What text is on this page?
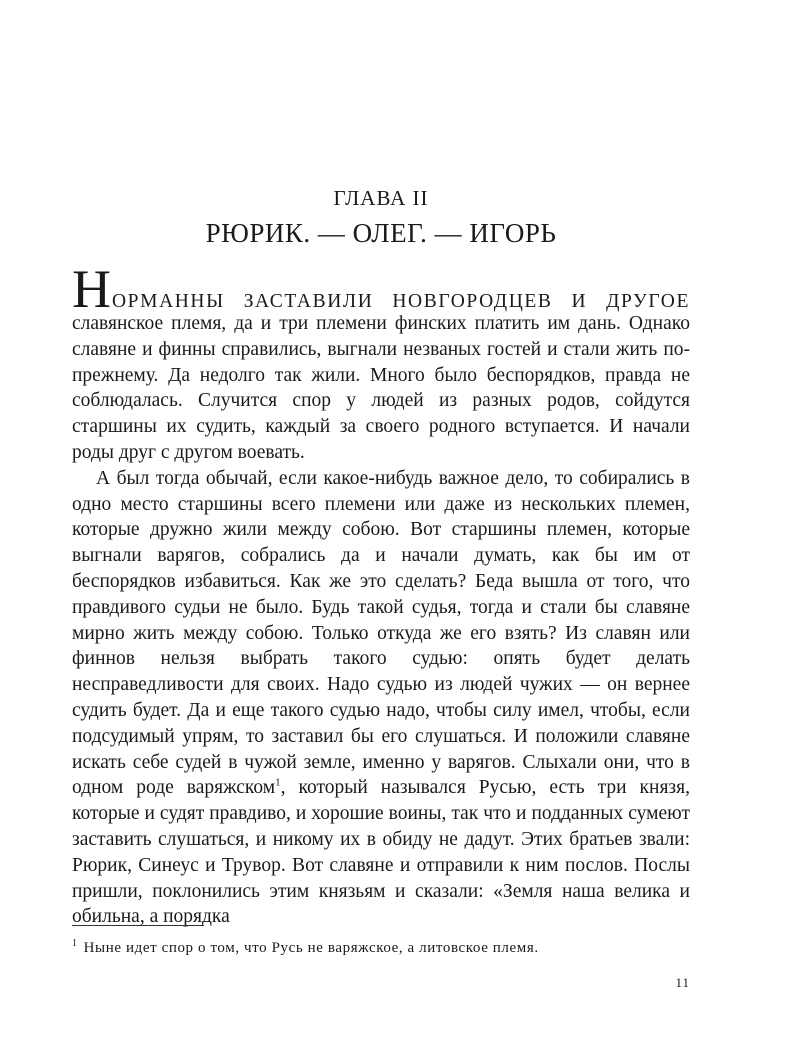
ГЛАВА II
РЮРИК. — ОЛЕГ. — ИГОРЬ

НОРМАННЫ ЗАСТАВИЛИ НОВГОРОДЦЕВ И ДРУГОЕ
славянское племя, да и три племени финских платить им дань. Однако славяне и финны справились, выгнали незваных гостей и стали жить по-прежнему. Да недолго так жили. Много было беспорядков, правда не соблюдалась. Случится спор у людей из разных родов, сойдутся старшины их судить, каждый за своего родного вступается. И начали роды друг с другом воевать.

А был тогда обычай, если какое-нибудь важное дело, то собирались в одно место старшины всего племени или даже из нескольких племен, которые дружно жили между собою. Вот старшины племен, которые выгнали варягов, собрались да и начали думать, как бы им от беспорядков избавиться. Как же это сделать? Беда вышла от того, что правдивого судьи не было. Будь такой судья, тогда и стали бы славяне мирно жить между собою. Только откуда же его взять? Из славян или финнов нельзя выбрать такого судью: опять будет делать несправедливости для своих. Надо судью из людей чужих — он вернее судить будет. Да и еще такого судью надо, чтобы силу имел, чтобы, если подсудимый упрям, то заставил бы его слушаться. И положили славяне искать себе судей в чужой земле, именно у варягов. Слыхали они, что в одном роде варяжском$^1$, который назывался Русью, есть три князя, которые и судят правдиво, и хорошие воины, так что и подданных сумеют заставить слушаться, и никому их в обиду не дадут. Этих братьев звали: Рюрик, Синеус и Трувор. Вот славяне и отправили к ним послов. Послы пришли, поклонились этим князьям и сказали: «Земля наша велика и обильна, а порядка

$^1$ Ныне идет спор о том, что Русь не варяжское, а литовское племя.
11
